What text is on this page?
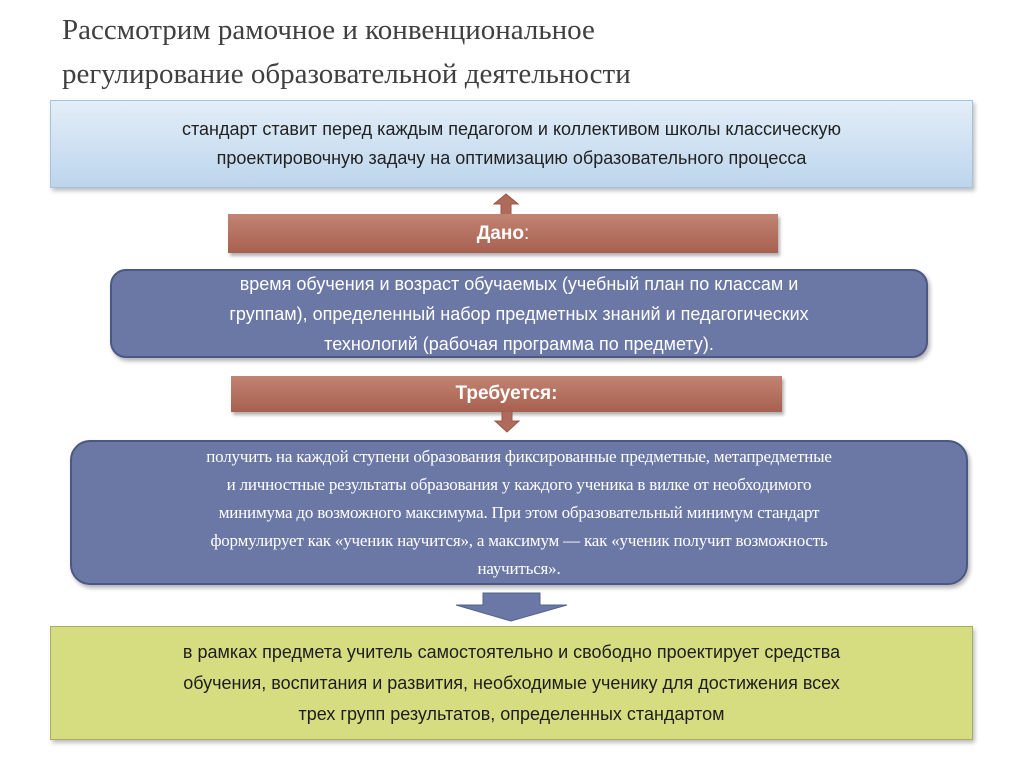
Рассмотрим рамочное и конвенциональное
регулирование образовательной деятельности
стандарт ставит перед каждым педагогом и коллективом школы классическую
проектировочную задачу на оптимизацию образовательного процесса
Дано :
время обучения и возраст обучаемых (учебный план по классам и
группам), определенный набор предметных знаний и педагогических
технологий (рабочая программа по предмету).
Требуется:
получить на каждой ступени образования фиксированные предметные, метапредметные
и личностные результаты образования у каждого ученика в вилке от необходимого
минимума до возможного максимума. При этом образовательный минимум стандарт
формулирует как «ученик научится», а максимум — как «ученик получит возможность
научиться».
в рамках предмета учитель самостоятельно и свободно проектирует средства
обучения, воспитания и развития, необходимые ученику для достижения всех
трех групп результатов, определенных стандартом
